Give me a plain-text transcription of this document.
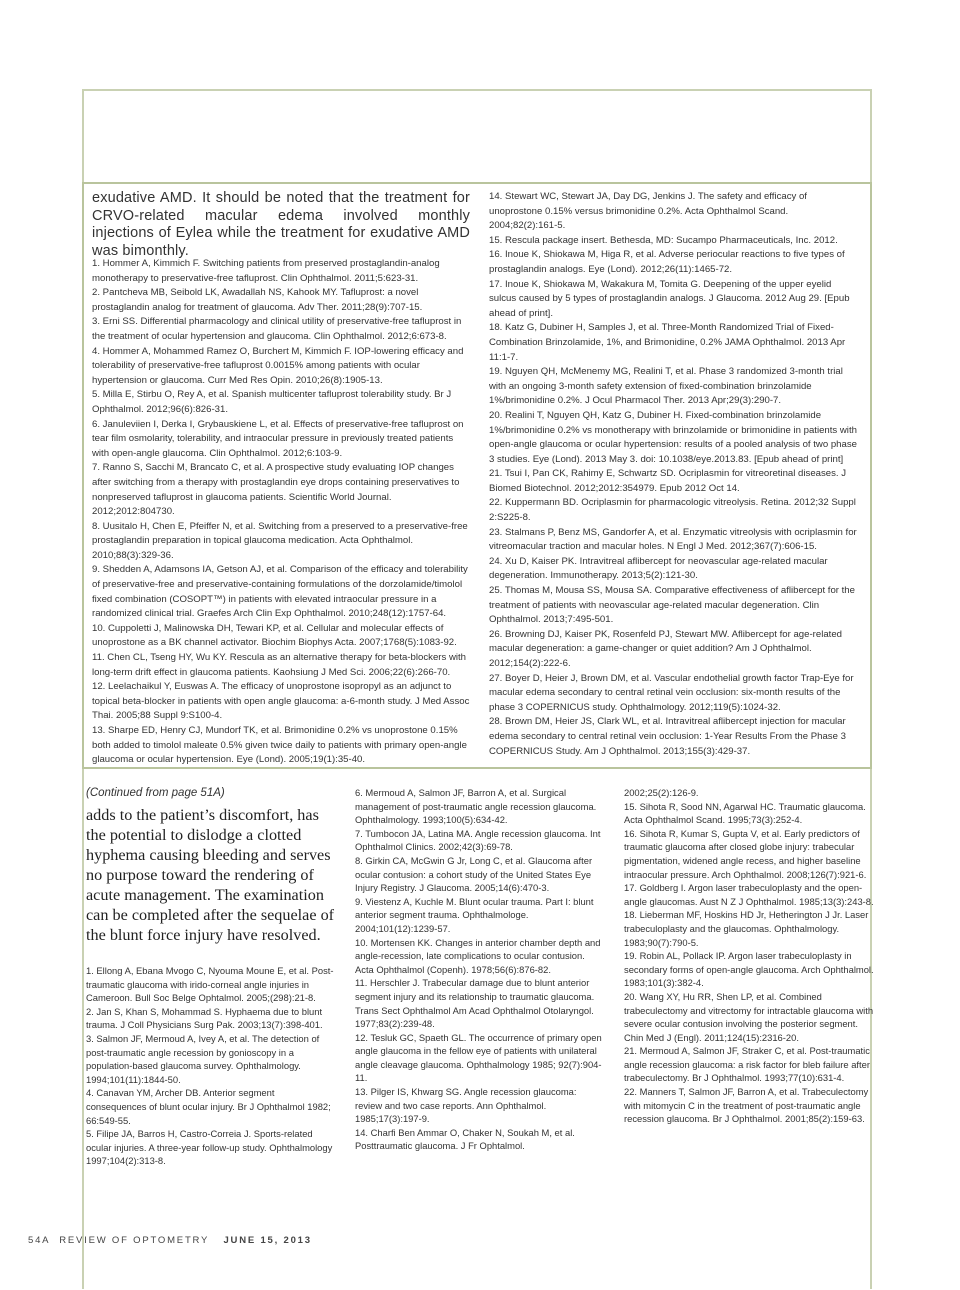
exudative AMD. It should be noted that the treatment for CRVO-related macular edema involved monthly injections of Eylea while the treatment for exudative AMD was bimonthly.

1. Hommer A, Kimmich F. Switching patients from preserved prostaglandin-analog monotherapy to preservative-free tafluprost. Clin Ophthalmol. 2011;5:623-31.
2. Pantcheva MB, Seibold LK, Awadallah NS, Kahook MY. Tafluprost: a novel prostaglandin analog for treatment of glaucoma. Adv Ther. 2011;28(9):707-15.
3. Erni SS. Differential pharmacology and clinical utility of preservative-free tafluprost in the treatment of ocular hypertension and glaucoma. Clin Ophthalmol. 2012;6:673-8.
4. Hommer A, Mohammed Ramez O, Burchert M, Kimmich F. IOP-lowering efficacy and tolerability of preservative-free tafluprost 0.0015% among patients with ocular hypertension or glaucoma. Curr Med Res Opin. 2010;26(8):1905-13.
5. Milla E, Stirbu O, Rey A, et al. Spanish multicenter tafluprost tolerability study. Br J Ophthalmol. 2012;96(6):826-31.
6. Januleviien I, Derka I, Grybauskiene L, et al. Effects of preservative-free tafluprost on tear film osmolarity, tolerability, and intraocular pressure in previously treated patients with open-angle glaucoma. Clin Ophthalmol. 2012;6:103-9.
7. Ranno S, Sacchi M, Brancato C, et al. A prospective study evaluating IOP changes after switching from a therapy with prostaglandin eye drops containing preservatives to nonpreserved tafluprost in glaucoma patients. Scientific World Journal. 2012;2012:804730.
8. Uusitalo H, Chen E, Pfeiffer N, et al. Switching from a preserved to a preservative-free prostaglandin preparation in topical glaucoma medication. Acta Ophthalmol. 2010;88(3):329-36.
9. Shedden A, Adamsons IA, Getson AJ, et al. Comparison of the efficacy and tolerability of preservative-free and preservative-containing formulations of the dorzolamide/timolol fixed combination (COSOPT™) in patients with elevated intraocular pressure in a randomized clinical trial. Graefes Arch Clin Exp Ophthalmol. 2010;248(12):1757-64.
10. Cuppoletti J, Malinowska DH, Tewari KP, et al. Cellular and molecular effects of unoprostone as a BK channel activator. Biochim Biophys Acta. 2007;1768(5):1083-92.
11. Chen CL, Tseng HY, Wu KY. Rescula as an alternative therapy for beta-blockers with long-term drift effect in glaucoma patients. Kaohsiung J Med Sci. 2006;22(6):266-70.
12. Leelachaikul Y, Euswas A. The efficacy of unoprostone isopropyl as an adjunct to topical beta-blocker in patients with open angle glaucoma: a-6-month study. J Med Assoc Thai. 2005;88 Suppl 9:S100-4.
13. Sharpe ED, Henry CJ, Mundorf TK, et al. Brimonidine 0.2% vs unoprostone 0.15% both added to timolol maleate 0.5% given twice daily to patients with primary open-angle glaucoma or ocular hypertension. Eye (Lond). 2005;19(1):35-40.
14. Stewart WC, Stewart JA, Day DG, Jenkins J. The safety and efficacy of unoprostone 0.15% versus brimonidine 0.2%. Acta Ophthalmol Scand. 2004;82(2):161-5.
15. Rescula package insert. Bethesda, MD: Sucampo Pharmaceuticals, Inc. 2012.
16. Inoue K, Shiokawa M, Higa R, et al. Adverse periocular reactions to five types of prostaglandin analogs. Eye (Lond). 2012;26(11):1465-72.
17. Inoue K, Shiokawa M, Wakakura M, Tomita G. Deepening of the upper eyelid sulcus caused by 5 types of prostaglandin analogs. J Glaucoma. 2012 Aug 29. [Epub ahead of print].
18. Katz G, Dubiner H, Samples J, et al. Three-Month Randomized Trial of Fixed-Combination Brinzolamide, 1%, and Brimonidine, 0.2% JAMA Ophthalmol. 2013 Apr 11:1-7.
19. Nguyen QH, McMenemy MG, Realini T, et al. Phase 3 randomized 3-month trial with an ongoing 3-month safety extension of fixed-combination brinzolamide 1%/brimonidine 0.2%. J Ocul Pharmacol Ther. 2013 Apr;29(3):290-7.
20. Realini T, Nguyen QH, Katz G, Dubiner H. Fixed-combination brinzolamide 1%/brimonidine 0.2% vs monotherapy with brinzolamide or brimonidine in patients with open-angle glaucoma or ocular hypertension: results of a pooled analysis of two phase 3 studies. Eye (Lond). 2013 May 3. doi: 10.1038/eye.2013.83. [Epub ahead of print]
21. Tsui I, Pan CK, Rahimy E, Schwartz SD. Ocriplasmin for vitreoretinal diseases. J Biomed Biotechnol. 2012;2012:354979. Epub 2012 Oct 14.
22. Kuppermann BD. Ocriplasmin for pharmacologic vitreolysis. Retina. 2012;32 Suppl 2:S225-8.
23. Stalmans P, Benz MS, Gandorfer A, et al. Enzymatic vitreolysis with ocriplasmin for vitreomacular traction and macular holes. N Engl J Med. 2012;367(7):606-15.
24. Xu D, Kaiser PK. Intravitreal aflibercept for neovascular age-related macular degeneration. Immunotherapy. 2013;5(2):121-30.
25. Thomas M, Mousa SS, Mousa SA. Comparative effectiveness of aflibercept for the treatment of patients with neovascular age-related macular degeneration. Clin Ophthalmol. 2013;7:495-501.
26. Browning DJ, Kaiser PK, Rosenfeld PJ, Stewart MW. Aflibercept for age-related macular degeneration: a game-changer or quiet addition? Am J Ophthalmol. 2012;154(2):222-6.
27. Boyer D, Heier J, Brown DM, et al. Vascular endothelial growth factor Trap-Eye for macular edema secondary to central retinal vein occlusion: six-month results of the phase 3 COPERNICUS study. Ophthalmology. 2012;119(5):1024-32.
28. Brown DM, Heier JS, Clark WL, et al. Intravitreal aflibercept injection for macular edema secondary to central retinal vein occlusion: 1-Year Results From the Phase 3 COPERNICUS Study. Am J Ophthalmol. 2013;155(3):429-37.

(Continued from page 51A)

adds to the patient’s discomfort, has the potential to dislodge a clotted hyphema causing bleeding and serves no purpose toward the rendering of acute management. The examination can be completed after the sequelae of the blunt force injury have resolved.

1. Ellong A, Ebana Mvogo C, Nyouma Moune E, et al. Post-traumatic glaucoma with irido-corneal angle injuries in Cameroon. Bull Soc Belge Ophtalmol. 2005;(298):21-8.
2. Jan S, Khan S, Mohammad S. Hyphaema due to blunt trauma. J Coll Physicians Surg Pak. 2003;13(7):398-401.
3. Salmon JF, Mermoud A, Ivey A, et al. The detection of post-traumatic angle recession by gonioscopy in a population-based glaucoma survey. Ophthalmology. 1994;101(11):1844-50.
4. Canavan YM, Archer DB. Anterior segment consequences of blunt ocular injury. Br J Ophthalmol 1982; 66:549-55.
5. Filipe JA, Barros H, Castro-Correia J. Sports-related ocular injuries. A three-year follow-up study. Ophthalmology 1997;104(2):313-8.
6. Mermoud A, Salmon JF, Barron A, et al. Surgical management of post-traumatic angle recession glaucoma. Ophthalmology. 1993;100(5):634-42.
7. Tumbocon JA, Latina MA. Angle recession glaucoma. Int Ophthalmol Clinics. 2002;42(3):69-78.
8. Girkin CA, McGwin G Jr, Long C, et al. Glaucoma after ocular contusion: a cohort study of the United States Eye Injury Registry. J Glaucoma. 2005;14(6):470-3.
9. Viestenz A, Kuchle M. Blunt ocular trauma. Part I: blunt anterior segment trauma. Ophthalmologe. 2004;101(12):1239-57.
10. Mortensen KK. Changes in anterior chamber depth and angle-recession, late complications to ocular contusion. Acta Ophthalmol (Copenh). 1978;56(6):876-82.
11. Herschler J. Trabecular damage due to blunt anterior segment injury and its relationship to traumatic glaucoma. Trans Sect Ophthalmol Am Acad Ophthalmol Otolaryngol. 1977;83(2):239-48.
12. Tesluk GC, Spaeth GL. The occurrence of primary open angle glaucoma in the fellow eye of patients with unilateral angle cleavage glaucoma. Ophthalmology 1985; 92(7):904-11.
13. Pilger IS, Khwarg SG. Angle recession glaucoma: review and two case reports. Ann Ophthalmol. 1985;17(3):197-9.
14. Charfi Ben Ammar O, Chaker N, Soukah M, et al. Posttraumatic glaucoma. J Fr Ophtalmol.
2002;25(2):126-9.
15. Sihota R, Sood NN, Agarwal HC. Traumatic glaucoma. Acta Ophthalmol Scand. 1995;73(3):252-4.
16. Sihota R, Kumar S, Gupta V, et al. Early predictors of traumatic glaucoma after closed globe injury: trabecular pigmentation, widened angle recess, and higher baseline intraocular pressure. Arch Ophthalmol. 2008;126(7):921-6.
17. Goldberg I. Argon laser trabeculoplasty and the open-angle glaucomas. Aust N Z J Ophthalmol. 1985;13(3):243-8.
18. Lieberman MF, Hoskins HD Jr, Hetherington J Jr. Laser trabeculoplasty and the glaucomas. Ophthalmology. 1983;90(7):790-5.
19. Robin AL, Pollack IP. Argon laser trabeculoplasty in secondary forms of open-angle glaucoma. Arch Ophthalmol. 1983;101(3):382-4.
20. Wang XY, Hu RR, Shen LP, et al. Combined trabeculectomy and vitrectomy for intractable glaucoma with severe ocular contusion involving the posterior segment. Chin Med J (Engl). 2011;124(15):2316-20.
21. Mermoud A, Salmon JF, Straker C, et al. Post-traumatic angle recession glaucoma: a risk factor for bleb failure after trabeculectomy. Br J Ophthalmol. 1993;77(10):631-4.
22. Manners T, Salmon JF, Barron A, et al. Trabeculectomy with mitomycin C in the treatment of post-traumatic angle recession glaucoma. Br J Ophthalmol. 2001;85(2):159-63.

54A REVIEW OF OPTOMETRY JUNE 15, 2013
